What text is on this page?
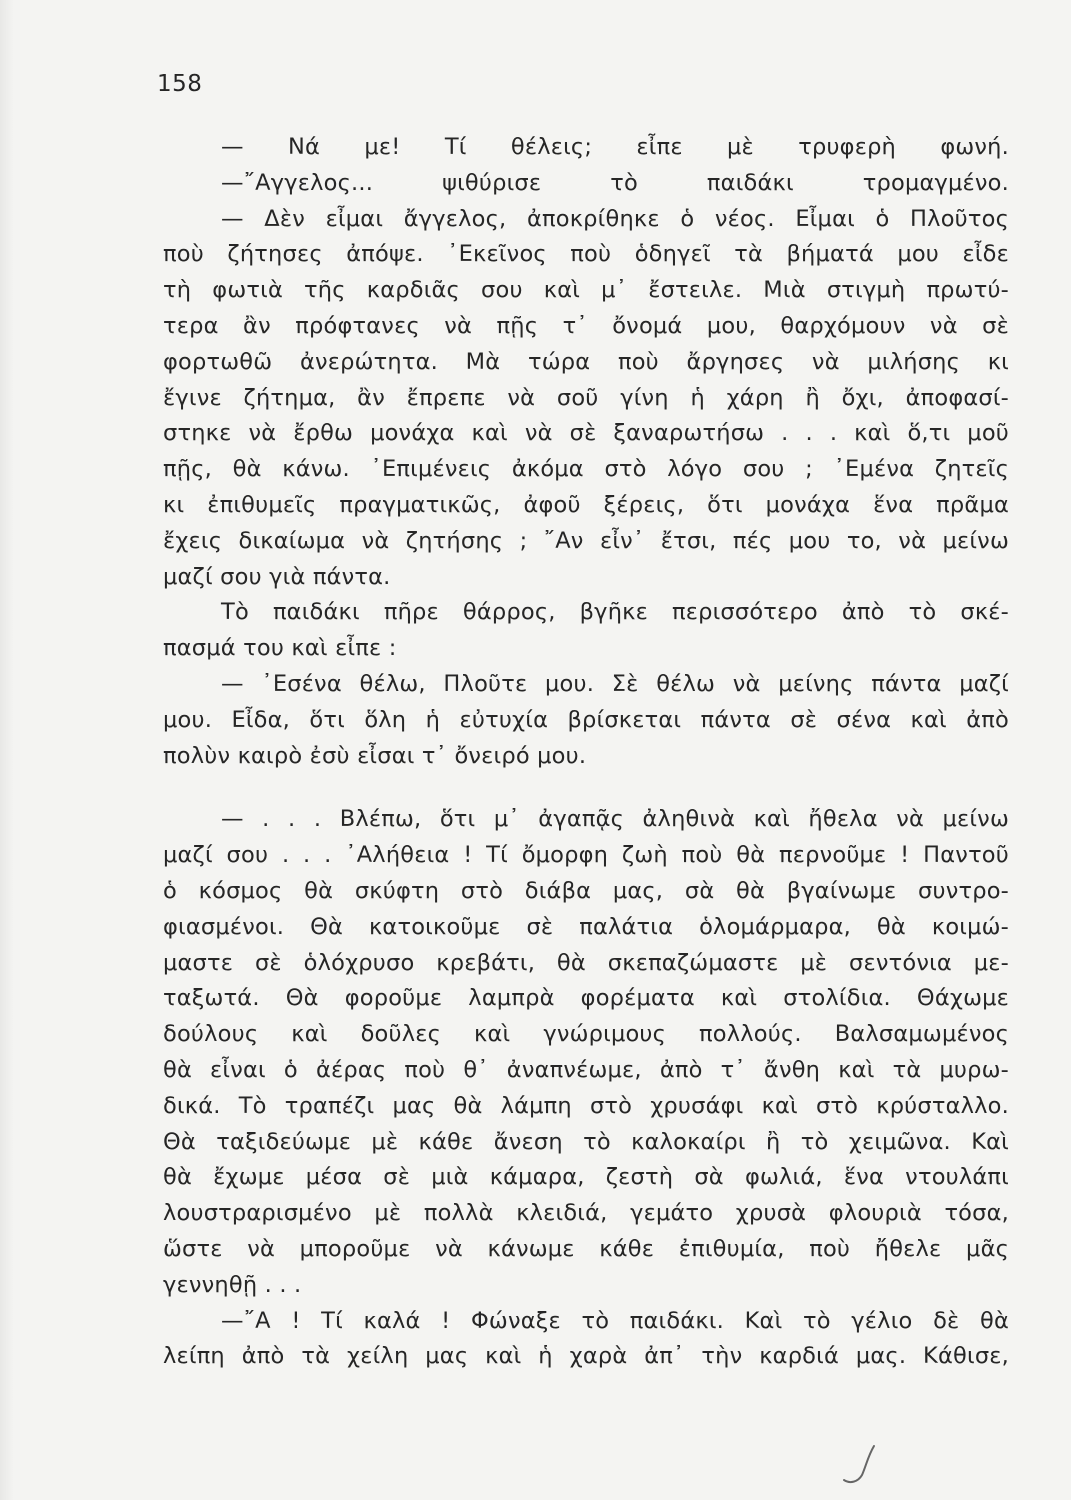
158
— Νά με! Τί θέλεις; εἶπε μὲ τρυφερὴ φωνή.
—῎Αγγελος... ψιθύρισε τὸ παιδάκι τρομαγμένο.
— Δὲν εἶμαι ἄγγελος, ἀποκρίθηκε ὁ νέος. Εἶμαι ὁ Πλοῦτος
ποὺ ζήτησες ἀπόψε. ᾿Εκεῖνος ποὺ ὁδηγεῖ τὰ βήματά μου εἶδε
τὴ φωτιὰ τῆς καρδιᾶς σου καὶ μ᾿ ἔστειλε. Μιὰ στιγμὴ πρωτύ-
τερα ἂν πρόφτανες νὰ πῇς τ᾿ ὄνομά μου, θαρχόμουν νὰ σὲ
φορτωθῶ ἀνερώτητα. Μὰ τώρα ποὺ ἄργησες νὰ μιλήσης κι
ἔγινε ζήτημα, ἂν ἔπρεπε νὰ σοῦ γίνη ἡ χάρη ἢ ὄχι, ἀποφασί-
στηκε νὰ ἔρθω μονάχα καὶ νὰ σὲ ξαναρωτήσω . . . καὶ ὅ,τι μοῦ
πῇς, θὰ κάνω. ᾿Επιμένεις ἀκόμα στὸ λόγο σου ; ᾿Εμένα ζητεῖς
κι ἐπιθυμεῖς πραγματικῶς, ἀφοῦ ξέρεις, ὅτι μονάχα ἕνα πρᾶμα
ἔχεις δικαίωμα νὰ ζητήσης ; ῎Αν εἶν᾿ ἔτσι, πές μου το, νὰ μείνω
μαζί σου γιὰ πάντα.
Τὸ παιδάκι πῆρε θάρρος, βγῆκε περισσότερο ἀπὸ τὸ σκέ-
πασμά του καὶ εἶπε :
— ᾿Εσένα θέλω, Πλοῦτε μου. Σὲ θέλω νὰ μείνης πάντα μαζί
μου. Εἶδα, ὅτι ὅλη ἡ εὐτυχία βρίσκεται πάντα σὲ σένα καὶ ἀπὸ
πολὺν καιρὸ ἐσὺ εἶσαι τ᾿ ὄνειρό μου.
— . . . Βλέπω, ὅτι μ᾿ ἀγαπᾷς ἀληθινὰ καὶ ἤθελα νὰ μείνω
μαζί σου . . . ᾿Αλήθεια ! Τί ὄμορφη ζωὴ ποὺ θὰ περνοῦμε ! Παντοῦ
ὁ κόσμος θὰ σκύφτη στὸ διάβα μας, σὰ θὰ βγαίνωμε συντρο-
φιασμένοι. Θὰ κατοικοῦμε σὲ παλάτια ὁλομάρμαρα, θὰ κοιμώ-
μαστε σὲ ὁλόχρυσο κρεβάτι, θὰ σκεπαζώμαστε μὲ σεντόνια με-
ταξωτά. Θὰ φοροῦμε λαμπρὰ φορέματα καὶ στολίδια. Θάχωμε
δούλους καὶ δοῦλες καὶ γνώριμους πολλούς. Βαλσαμωμένος
θὰ εἶναι ὁ ἀέρας ποὺ θ᾿ ἀναπνέωμε, ἀπὸ τ᾿ ἄνθη καὶ τὰ μυρω-
δικά. Τὸ τραπέζι μας θὰ λάμπη στὸ χρυσάφι καὶ στὸ κρύσταλλο.
Θὰ ταξιδεύωμε μὲ κάθε ἄνεση τὸ καλοκαίρι ἢ τὸ χειμῶνα. Καὶ
θὰ ἔχωμε μέσα σὲ μιὰ κάμαρα, ζεστὴ σὰ φωλιά, ἕνα ντουλάπι
λουστραρισμένο μὲ πολλὰ κλειδιά, γεμάτο χρυσὰ φλουριὰ τόσα,
ὥστε νὰ μποροῦμε νὰ κάνωμε κάθε ἐπιθυμία, ποὺ ἤθελε μᾶς
γεννηθῇ . . .
—῎Α ! Τί καλά ! Φώναξε τὸ παιδάκι. Καὶ τὸ γέλιο δὲ θὰ
λείπη ἀπὸ τὰ χείλη μας καὶ ἡ χαρὰ ἀπ᾿ τὴν καρδιά μας. Κάθισε,
